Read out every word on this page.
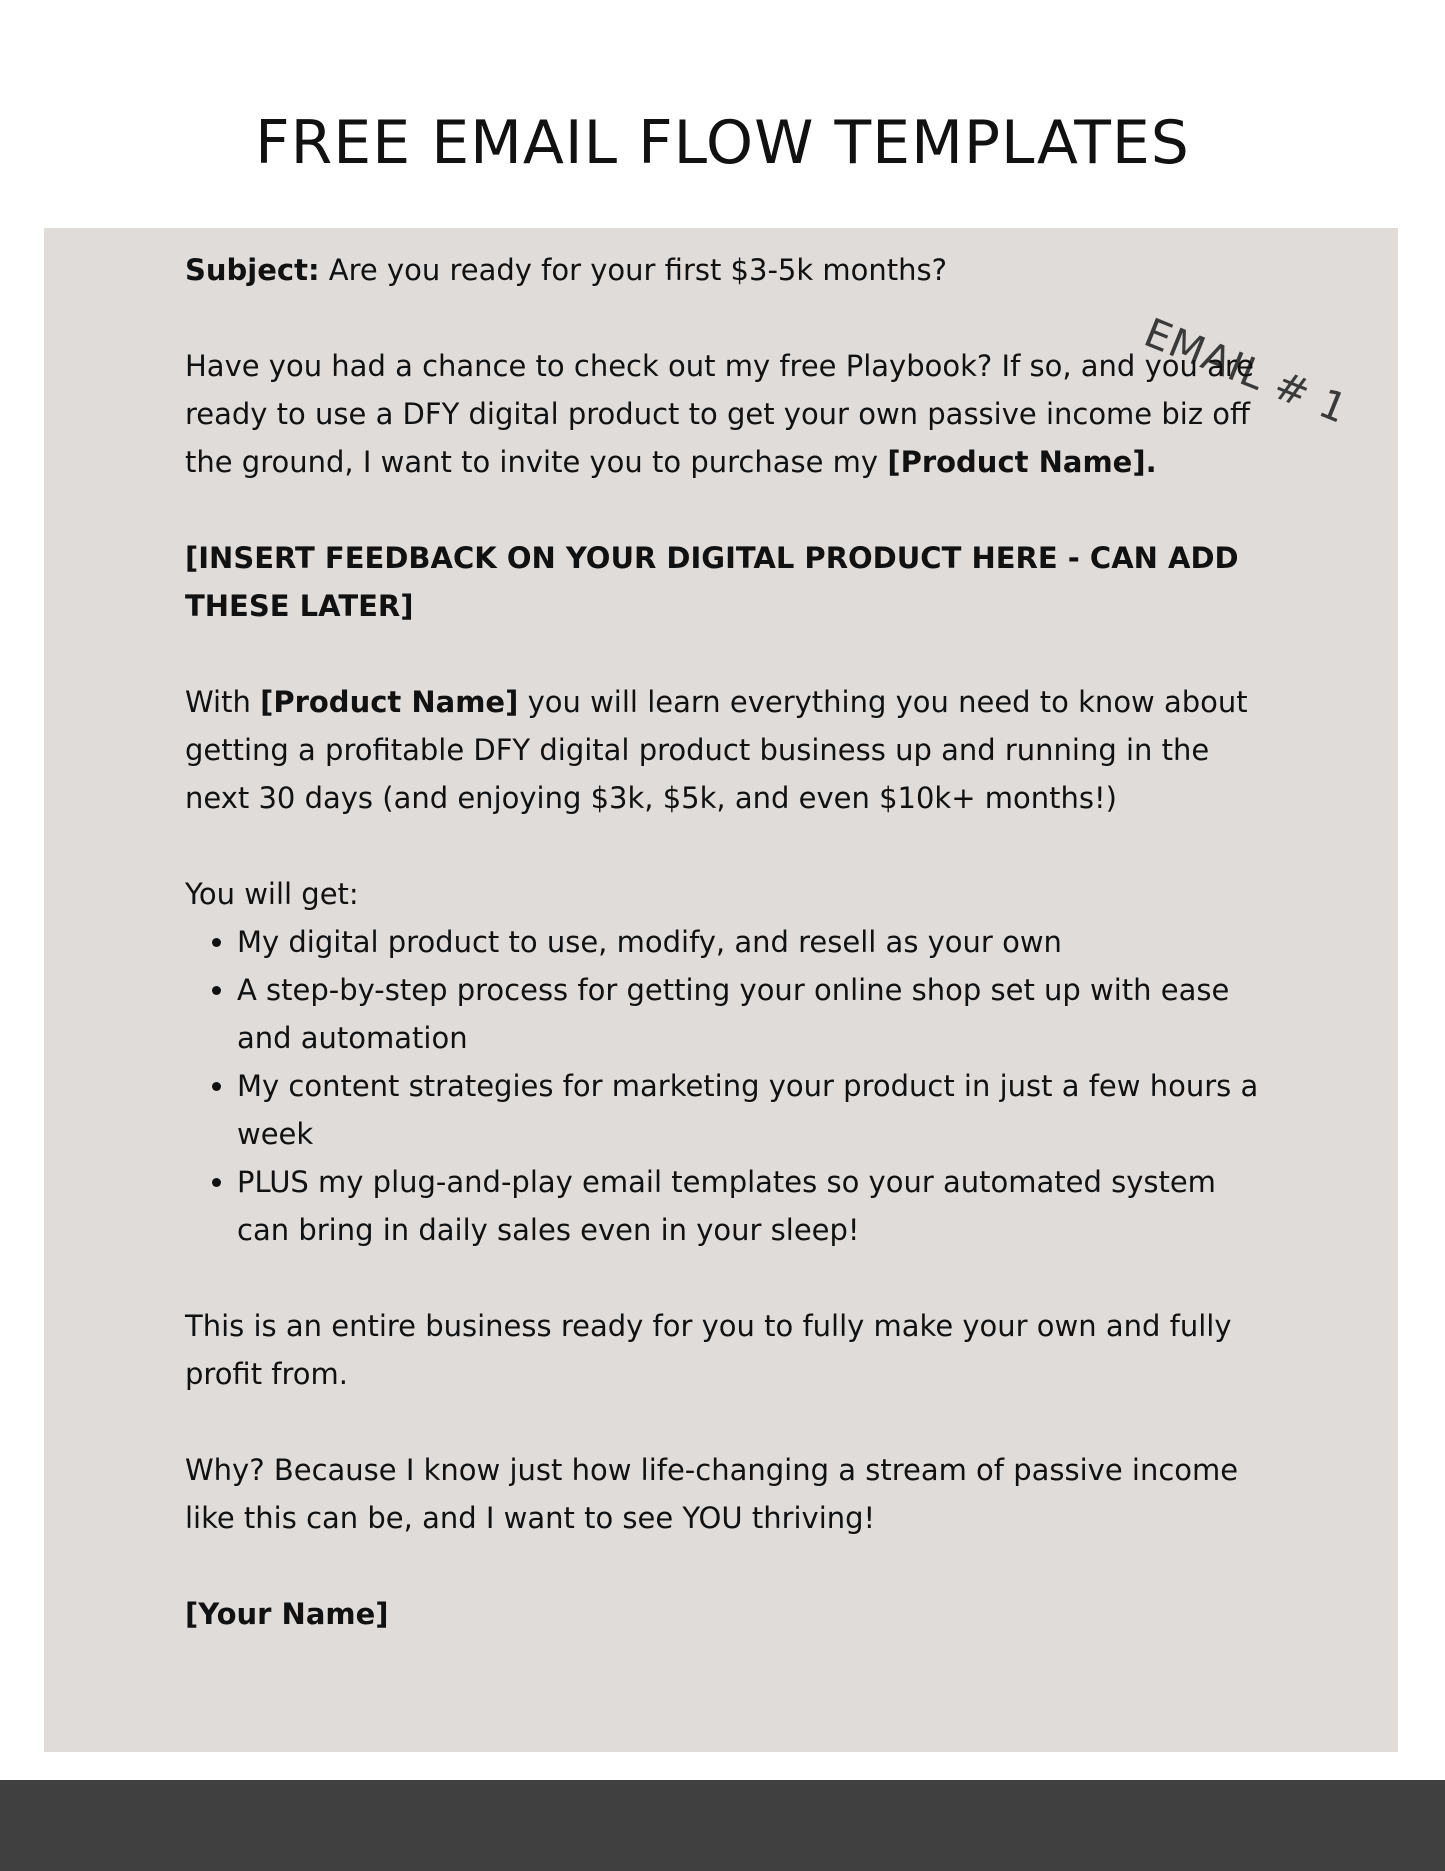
FREE EMAIL FLOW TEMPLATES
EMAIL # 1

Subject: Are you ready for your first $3-5k months?

Have you had a chance to check out my free Playbook? If so, and you are ready to use a DFY digital product to get your own passive income biz off the ground, I want to invite you to purchase my [Product Name].

[INSERT FEEDBACK ON YOUR DIGITAL PRODUCT HERE - CAN ADD THESE LATER]

With [Product Name] you will learn everything you need to know about getting a profitable DFY digital product business up and running in the next 30 days (and enjoying $3k, $5k, and even $10k+ months!)

You will get:

• My digital product to use, modify, and resell as your own
• A step-by-step process for getting your online shop set up with ease and automation
• My content strategies for marketing your product in just a few hours a week
• PLUS my plug-and-play email templates so your automated system can bring in daily sales even in your sleep!

This is an entire business ready for you to fully make your own and fully profit from.

Why? Because I know just how life-changing a stream of passive income like this can be, and I want to see YOU thriving!

[Your Name]
